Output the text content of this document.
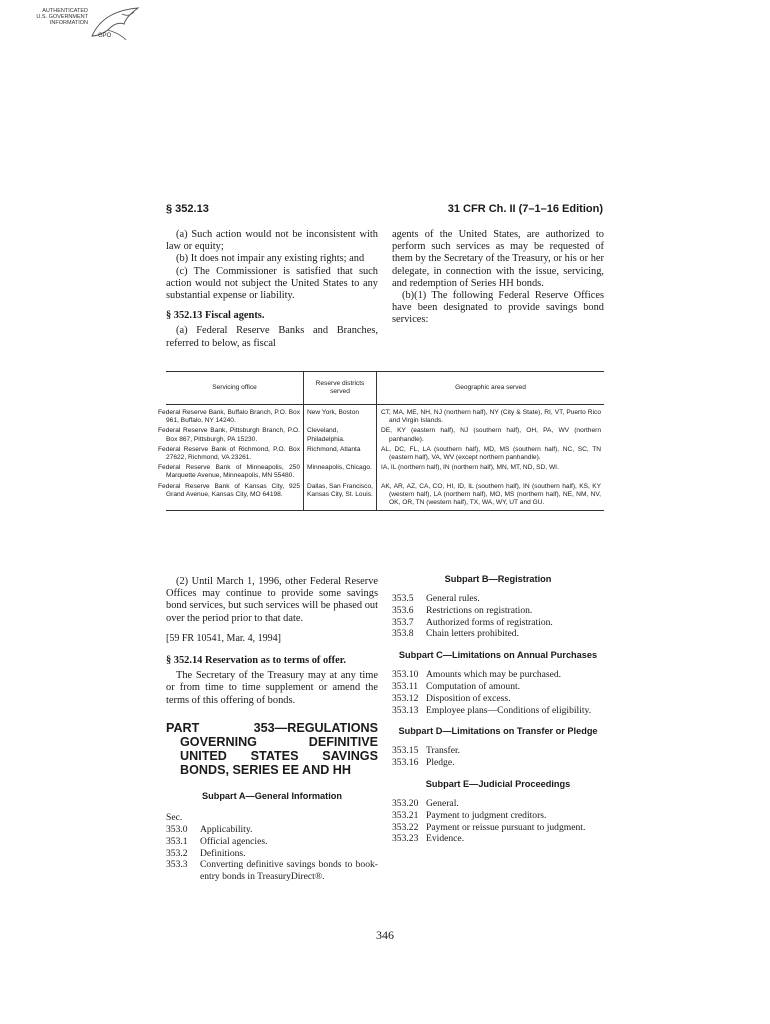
AUTHENTICATED
U.S. GOVERNMENT
INFORMATION
GPO
§ 352.13	31 CFR Ch. II (7–1–16 Edition)

(a) Such action would not be inconsistent with law or equity;

(b) It does not impair any existing rights; and

(c) The Commissioner is satisfied that such action would not subject the United States to any substantial expense or liability.

§ 352.13 Fiscal agents.

(a) Federal Reserve Banks and Branches, referred to below, as fiscal

agents of the United States, are authorized to perform such services as may be requested of them by the Secretary of the Treasury, or his or her delegate, in connection with the issue, servicing, and redemption of Series HH bonds.

(b)(1) The following Federal Reserve Offices have been designated to provide savings bond services:

Servicing office	Reserve districts served	Geographic area served
Federal Reserve Bank, Buffalo Branch, P.O. Box 961, Buffalo, NY 14240.	New York, Boston	CT, MA, ME, NH, NJ (northern half), NY (City & State), RI, VT, Puerto Rico and Virgin Islands.
Federal Reserve Bank, Pittsburgh Branch, P.O. Box 867, Pittsburgh, PA 15230.	Cleveland, Philadelphia.	DE, KY (eastern half), NJ (southern half), OH, PA, WV (northern panhandle).
Federal Reserve Bank of Richmond, P.O. Box 27622, Richmond, VA 23261.	Richmond, Atlanta	AL, DC, FL, LA (southern half), MD, MS (southern half), NC, SC, TN (eastern half), VA, WV (except northern panhandle).
Federal Reserve Bank of Minneapolis, 250 Marquette Avenue, Minneapolis, MN 55480.	Minneapolis, Chicago.	IA, IL (northern half), IN (northern half), MN, MT, ND, SD, WI.
Federal Reserve Bank of Kansas City, 925 Grand Avenue, Kansas City, MO 64198.	Dallas, San Francisco, Kansas City, St. Louis.	AK, AR, AZ, CA, CO, HI, ID, IL (southern half), IN (southern half), KS, KY (western half), LA (northern half), MO, MS (northern half), NE, NM, NV, OK, OR, TN (western half), TX, WA, WY, UT and GU.

(2) Until March 1, 1996, other Federal Reserve Offices may continue to provide some savings bond services, but such services will be phased out over the period prior to that date.

[59 FR 10541, Mar. 4, 1994]

§ 352.14 Reservation as to terms of offer.

The Secretary of the Treasury may at any time or from time to time supplement or amend the terms of this offering of bonds.

PART 353—REGULATIONS GOVERNING DEFINITIVE UNITED STATES SAVINGS BONDS, SERIES EE AND HH

Subpart A—General Information

Sec.

353.0	Applicability.
353.1	Official agencies.
353.2	Definitions.
353.3	Converting definitive savings bonds to book-entry bonds in TreasuryDirect®.

Subpart B—Registration

353.5	General rules.
353.6	Restrictions on registration.
353.7	Authorized forms of registration.
353.8	Chain letters prohibited.

Subpart C—Limitations on Annual Purchases

353.10 Amounts which may be purchased.
353.11 Computation of amount.
353.12 Disposition of excess.
353.13 Employee plans—Conditions of eligibility.

Subpart D—Limitations on Transfer or Pledge

353.15 Transfer.
353.16 Pledge.

Subpart E—Judicial Proceedings

353.20 General.
353.21 Payment to judgment creditors.
353.22 Payment or reissue pursuant to judgment.
353.23 Evidence.
346
